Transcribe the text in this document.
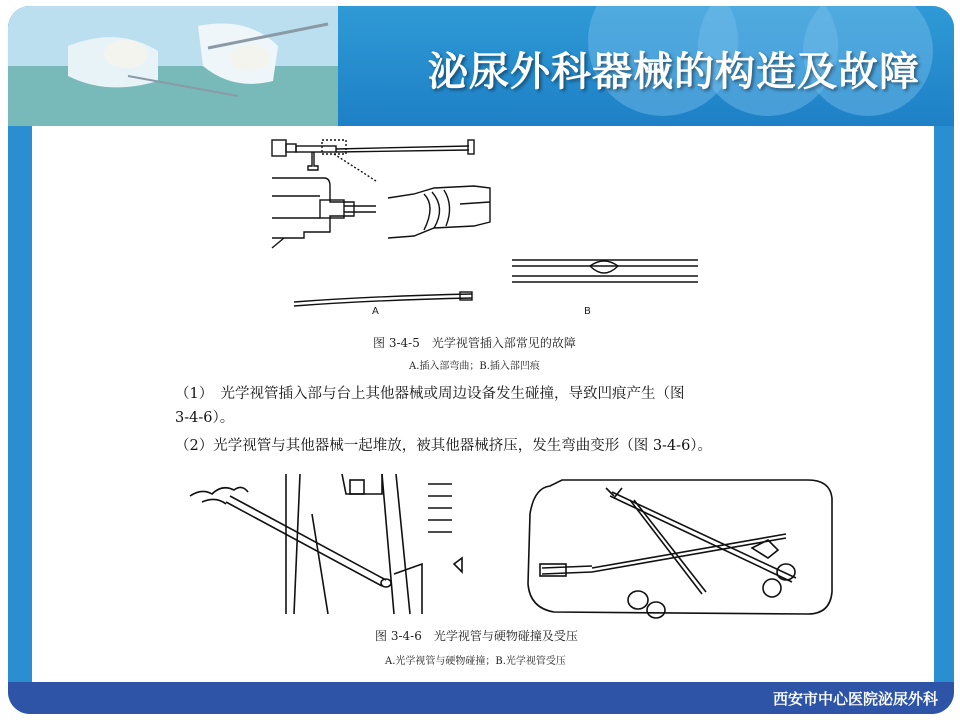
泌尿外科器械的构造及故障
A	B
图 3-4-5　光学视管插入部常见的故障
A.插入部弯曲；B.插入部凹痕
（1）　光学视管插入部与台上其他器械或周边设备发生碰撞，导致凹痕产生（图
3-4-6）。
（2）光学视管与其他器械一起堆放，被其他器械挤压，发生弯曲变形（图 3-4-6）。
图 3-4-6　光学视管与硬物碰撞及受压
A.光学视管与硬物碰撞；B.光学视管受压
西安市中心医院泌尿外科
